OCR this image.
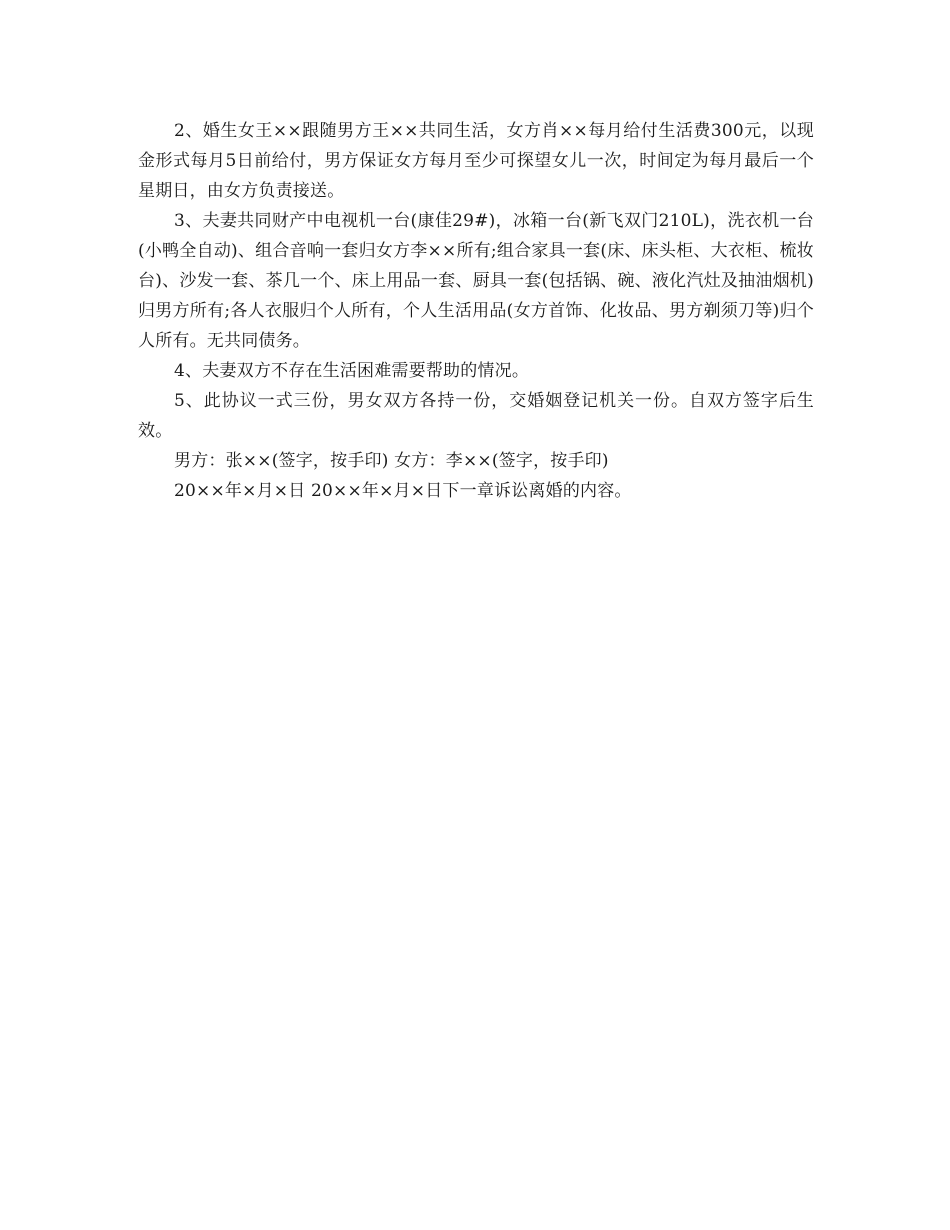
2、婚生女王××跟随男方王××共同生活，女方肖××每月给付生活费300元，以现金形式每月5日前给付，男方保证女方每月至少可探望女儿一次，时间定为每月最后一个星期日，由女方负责接送。

3、夫妻共同财产中电视机一台(康佳29#)，冰箱一台(新飞双门210L)，洗衣机一台(小鸭全自动)、组合音响一套归女方李××所有;组合家具一套(床、床头柜、大衣柜、梳妆台)、沙发一套、茶几一个、床上用品一套、厨具一套(包括锅、碗、液化汽灶及抽油烟机)归男方所有;各人衣服归个人所有，个人生活用品(女方首饰、化妆品、男方剃须刀等)归个人所有。无共同债务。

4、夫妻双方不存在生活困难需要帮助的情况。

5、此协议一式三份，男女双方各持一份，交婚姻登记机关一份。自双方签字后生效。

男方：张××(签字，按手印) 女方：李××(签字，按手印)

20××年×月×日 20××年×月×日下一章诉讼离婚的内容。
